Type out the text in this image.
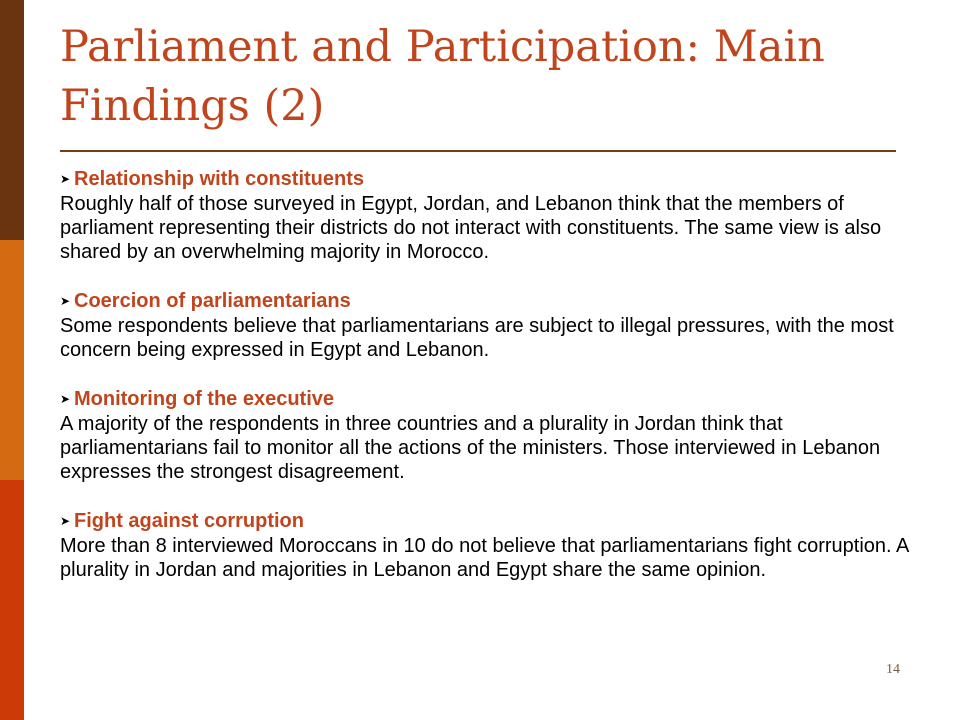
Parliament and Participation: Main Findings (2)
➤ Relationship with constituents

Roughly half of those surveyed in Egypt, Jordan, and Lebanon think that the members of parliament representing their districts do not interact with constituents. The same view is also shared by an overwhelming majority in Morocco.

➤ Coercion of parliamentarians

Some respondents believe that parliamentarians are subject to illegal pressures, with the most concern being expressed in Egypt and Lebanon.

➤ Monitoring of the executive

A majority of the respondents in three countries and a plurality in Jordan think that parliamentarians fail to monitor all the actions of the ministers. Those interviewed in Lebanon expresses the strongest disagreement.

➤ Fight against corruption

More than 8 interviewed Moroccans in 10 do not believe that parliamentarians fight corruption. A plurality in Jordan and majorities in Lebanon and Egypt share the same opinion.

14
